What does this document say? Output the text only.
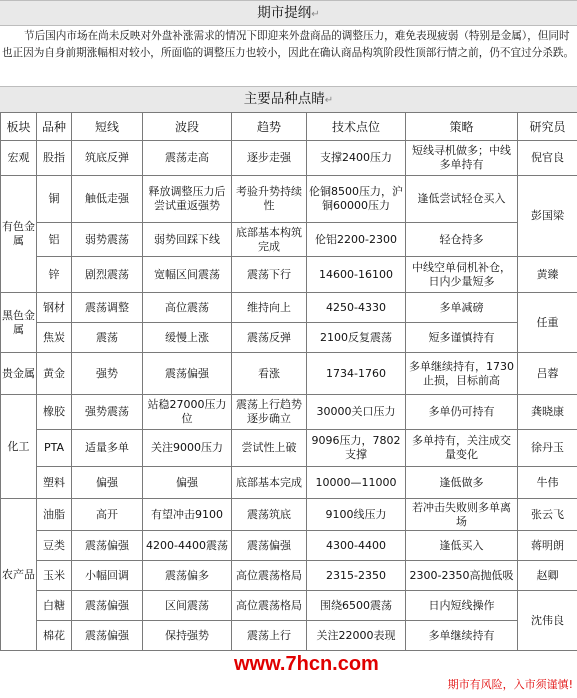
期市提纲↵

节后国内市场在尚未反映对外盘补涨需求的情况下即迎来外盘商品的调整压力，难免表现疲弱（特别是金属），但同时也正因为自身前期涨幅相对较小，所面临的调整压力也较小，因此在确认商品构筑阶段性顶部行情之前，仍不宜过分杀跌。

主要品种点睛↵
板块	品种	短线	波段	趋势	技术点位	策略	研究员
宏观	股指	筑底反弹	震荡走高	逐步走强	支撑2400压力	短线寻机做多；中线多单持有	倪官良
有色金属	铜	触低走强	释放调整压力后尝试重返强势	考验升势持续性	伦铜8500压力，沪铜60000压力	逢低尝试轻仓买入	彭国梁
	铝	弱势震荡	弱势回踩下线	底部基本构筑完成	伦铝2200-2300	轻仓持多	
	锌	剧烈震荡	宽幅区间震荡	震荡下行	14600-16100	中线空单伺机补仓，日内少量短多	黄臻
黑色金属	钢材	震荡调整	高位震荡	维持向上	4250-4330	多单减磅	任重
	焦炭	震荡	缓慢上涨	震荡反弹	2100反复震荡	短多谨慎持有	
贵金属	黄金	强势	震荡偏强	看涨	1734-1760	多单继续持有，1730止损，目标前高	吕蓉
化工	橡胶	强势震荡	站稳27000压力位	震荡上行趋势逐步确立	30000关口压力	多单仍可持有	龚晓康
	PTA	适量多单	关注9000压力	尝试性上破	9096压力，7802支撑	多单持有，关注成交量变化	徐丹玉
	塑料	偏强	偏强	底部基本完成	10000—11000	逢低做多	牛伟
农产品	油脂	高开	有望冲击9100	震荡筑底	9100线压力	若冲击失败则多单离场	张云飞
	豆类	震荡偏强	4200-4400震荡	震荡偏强	4300-4400	逢低买入	蒋明朗
	玉米	小幅回调	震荡偏多	高位震荡格局	2315-2350	2300-2350高抛低吸	赵卿
	白糖	震荡偏强	区间震荡	高位震荡格局	围绕6500震荡	日内短线操作	沈伟良
	棉花	震荡偏强	保持强势	震荡上行	关注22000表现	多单继续持有	
www.7hcn.com
期市有风险，入市须谨慎!
